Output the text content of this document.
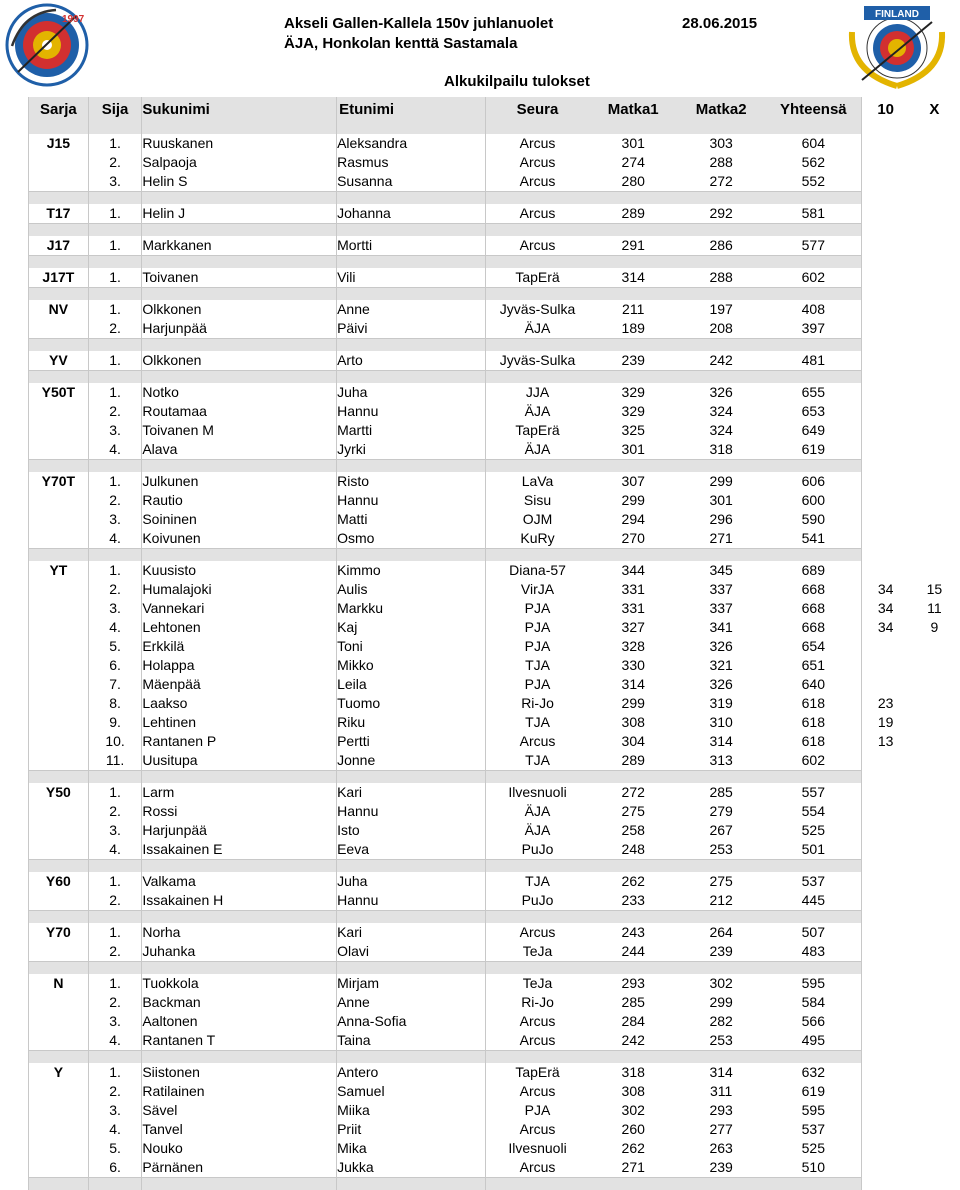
1997	Akseli Gallen-Kallela 150v juhlanuolet	28.06.2015
ÄJA, Honkolan kenttä Sastamala
Alkukilpailu tulokset
FINLAND
Sarja	Sija	Sukunimi	Etunimi	Seura	Matka1	Matka2	Yhteensä	10	X

J15	1.	Ruuskanen	Aleksandra	Arcus	301	303	604		
	2.	Salpaoja	Rasmus	Arcus	274	288	562		
	3.	Helin S	Susanna	Arcus	280	272	552		

T17	1.	Helin J	Johanna	Arcus	289	292	581		

J17	1.	Markkanen	Mortti	Arcus	291	286	577		

J17T	1.	Toivanen	Vili	TapErä	314	288	602		

NV	1.	Olkkonen	Anne	Jyväs-Sulka	211	197	408		
	2.	Harjunpää	Päivi	ÄJA	189	208	397		

YV	1.	Olkkonen	Arto	Jyväs-Sulka	239	242	481		

Y50T	1.	Notko	Juha	JJA	329	326	655		
	2.	Routamaa	Hannu	ÄJA	329	324	653		
	3.	Toivanen M	Martti	TapErä	325	324	649		
	4.	Alava	Jyrki	ÄJA	301	318	619		

Y70T	1.	Julkunen	Risto	LaVa	307	299	606		
	2.	Rautio	Hannu	Sisu	299	301	600		
	3.	Soininen	Matti	OJM	294	296	590		
	4.	Koivunen	Osmo	KuRy	270	271	541		

YT	1.	Kuusisto	Kimmo	Diana-57	344	345	689		
	2.	Humalajoki	Aulis	VirJA	331	337	668	34	15
	3.	Vannekari	Markku	PJA	331	337	668	34	11
	4.	Lehtonen	Kaj	PJA	327	341	668	34	9
	5.	Erkkilä	Toni	PJA	328	326	654		
	6.	Holappa	Mikko	TJA	330	321	651		
	7.	Mäenpää	Leila	PJA	314	326	640		
	8.	Laakso	Tuomo	Ri-Jo	299	319	618	23	
	9.	Lehtinen	Riku	TJA	308	310	618	19	
	10.	Rantanen P	Pertti	Arcus	304	314	618	13	
	11.	Uusitupa	Jonne	TJA	289	313	602		

Y50	1.	Larm	Kari	Ilvesnuoli	272	285	557		
	2.	Rossi	Hannu	ÄJA	275	279	554		
	3.	Harjunpää	Isto	ÄJA	258	267	525		
	4.	Issakainen E	Eeva	PuJo	248	253	501		

Y60	1.	Valkama	Juha	TJA	262	275	537		
	2.	Issakainen H	Hannu	PuJo	233	212	445		

Y70	1.	Norha	Kari	Arcus	243	264	507		
	2.	Juhanka	Olavi	TeJa	244	239	483		

N	1.	Tuokkola	Mirjam	TeJa	293	302	595		
	2.	Backman	Anne	Ri-Jo	285	299	584		
	3.	Aaltonen	Anna-Sofia	Arcus	284	282	566		
	4.	Rantanen T	Taina	Arcus	242	253	495		

Y	1.	Siistonen	Antero	TapErä	318	314	632		
	2.	Ratilainen	Samuel	Arcus	308	311	619		
	3.	Sävel	Miika	PJA	302	293	595		
	4.	Tanvel	Priit	Arcus	260	277	537		
	5.	Nouko	Mika	Ilvesnuoli	262	263	525		
	6.	Pärnänen	Jukka	Arcus	271	239	510		
